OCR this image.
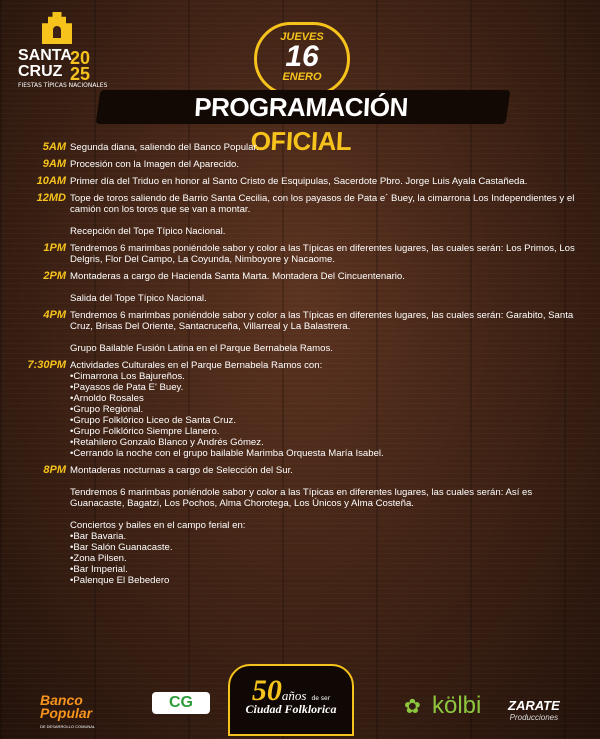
SANTA
CRUZ
20
25
FIESTAS TÍPICAS NACIONALES
JUEVES
16
ENERO
PROGRAMACIÓN
OFICIAL
5AM Segunda diana, saliendo del Banco Popular.

9AM Procesión con la Imagen del Aparecido.

10AM Primer día del Triduo en honor al Santo Cristo de Esquipulas, Sacerdote Pbro. Jorge Luis Ayala Castañeda.

12MD Tope de toros saliendo de Barrio Santa Cecilia, con los payasos de Pata e´ Buey, la cimarrona Los Independientes y el camión con los toros que se van a montar.

Recepción del Tope Típico Nacional.

1PM Tendremos 6 marimbas poniéndole sabor y color a las Típicas en diferentes lugares, las cuales serán: Los Primos, Los Delgris, Flor Del Campo, La Coyunda, Nimboyore y Nacaome.

2PM Montaderas a cargo de Hacienda Santa Marta. Montadera Del Cincuentenario.

Salida del Tope Típico Nacional.

4PM Tendremos 6 marimbas poniéndole sabor y color a las Típicas en diferentes lugares, las cuales serán: Garabito, Santa Cruz, Brisas Del Oriente, Santacruceña, Villarreal y La Balastrera.

Grupo Bailable Fusión Latina en el Parque Bernabela Ramos.

7:30PM Actividades Culturales en el Parque Bernabela Ramos con:

• Cimarrona Los Bajureños.
• Payasos de Pata E' Buey.
• Arnoldo Rosales
• Grupo Regional.
• Grupo Folklórico Liceo de Santa Cruz.
• Grupo Folklórico Siempre Llanero.
• Retahilero Gonzalo Blanco y Andrés Gómez.
• Cerrando la noche con el grupo bailable Marimba Orquesta María Isabel.
8PM Montaderas nocturnas a cargo de Selección del Sur.

Tendremos 6 marimbas poniéndole sabor y color a las Típicas en diferentes lugares, las cuales serán: Así es Guanacaste, Bagatzi, Los Pochos, Alma Chorotega, Los Únicos y Alma Costeña.

Conciertos y bailes en el campo ferial en:

• Bar Bavaria.
• Bar Salón Guanacaste.
• Zona Pilsen.
• Bar Imperial.
• Palenque El Bebedero
Banco
Popular
DE DESARROLLO COMUNAL
CG	50años de ser
Ciudad Folklorica	✿ kölbi ZARATE
Producciones
